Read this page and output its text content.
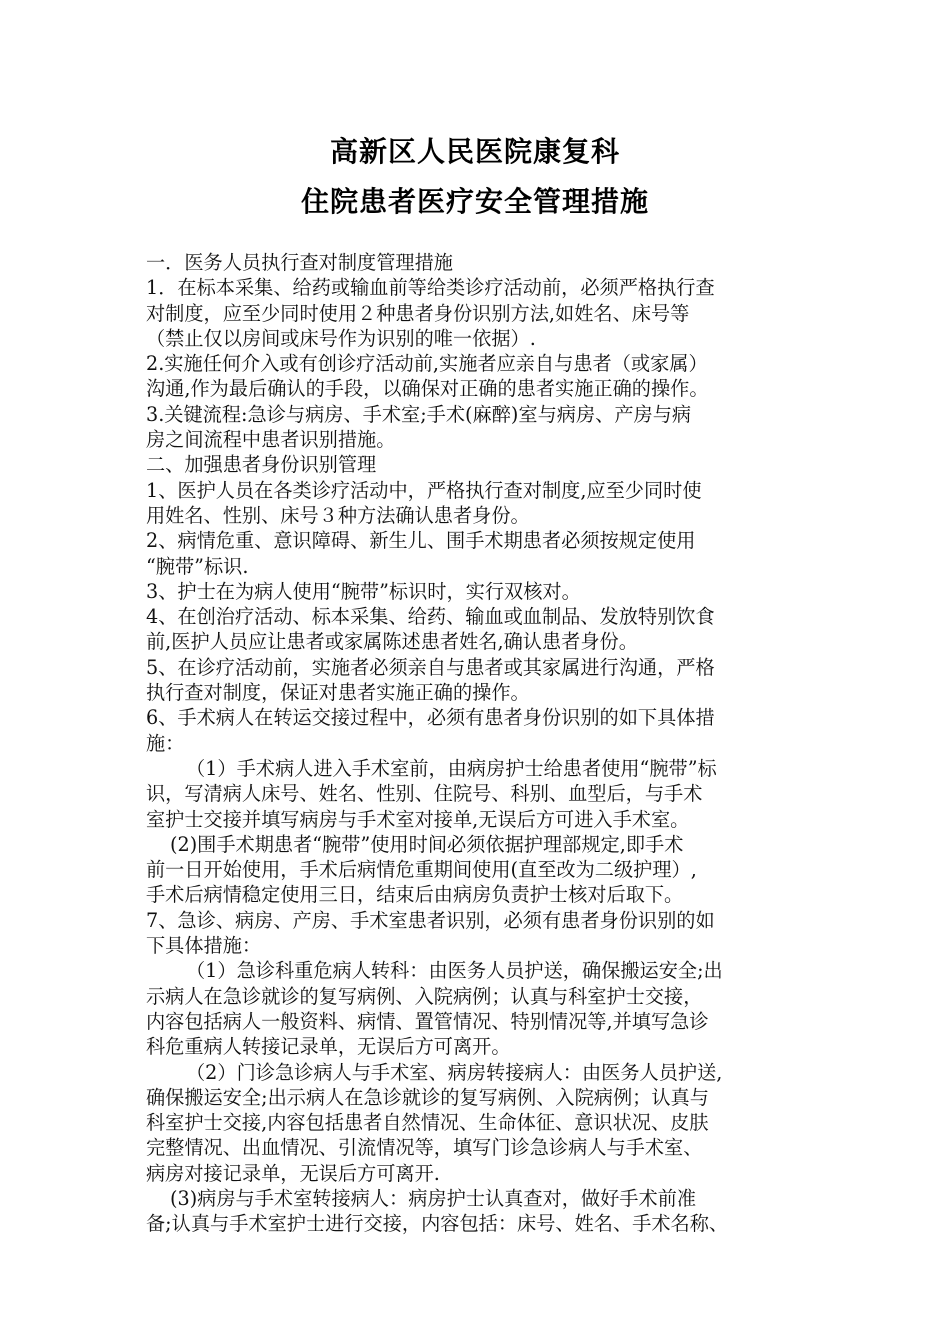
高新区人民医院康复科
住院患者医疗安全管理措施
一．医务人员执行查对制度管理措施
1．在标本采集、给药或输血前等给类诊疗活动前，必须严格执行查
对制度，应至少同时使用２种患者身份识别方法,如姓名、床号等
（禁止仅以房间或床号作为识别的唯一依据）.
2.实施任何介入或有创诊疗活动前,实施者应亲自与患者（或家属）
沟通,作为最后确认的手段，以确保对正确的患者实施正确的操作。
3.关键流程:急诊与病房、手术室;手术(麻醉)室与病房、产房与病
房之间流程中患者识别措施。
二、加强患者身份识别管理
1、医护人员在各类诊疗活动中，严格执行查对制度,应至少同时使
用姓名、性别、床号３种方法确认患者身份。
2、病情危重、意识障碍、新生儿、围手术期患者必须按规定使用
“腕带”标识.
3、护士在为病人使用“腕带”标识时，实行双核对。
4、在创治疗活动、标本采集、给药、输血或血制品、发放特别饮食
前,医护人员应让患者或家属陈述患者姓名,确认患者身份。
5、在诊疗活动前，实施者必须亲自与患者或其家属进行沟通，严格
执行查对制度，保证对患者实施正确的操作。
6、手术病人在转运交接过程中，必须有患者身份识别的如下具体措
施：
（1）手术病人进入手术室前，由病房护士给患者使用“腕带”标
识，写清病人床号、姓名、性别、住院号、科别、血型后，与手术
室护士交接并填写病房与手术室对接单,无误后方可进入手术室。
(2)围手术期患者“腕带”使用时间必须依据护理部规定,即手术
前一日开始使用，手术后病情危重期间使用(直至改为二级护理）,
手术后病情稳定使用三日，结束后由病房负责护士核对后取下。
7、急诊、病房、产房、手术室患者识别，必须有患者身份识别的如
下具体措施：
（1）急诊科重危病人转科：由医务人员护送，确保搬运安全;出
示病人在急诊就诊的复写病例、入院病例；认真与科室护士交接，
内容包括病人一般资料、病情、置管情况、特别情况等,并填写急诊
科危重病人转接记录单，无误后方可离开。
（2）门诊急诊病人与手术室、病房转接病人：由医务人员护送,
确保搬运安全;出示病人在急诊就诊的复写病例、入院病例；认真与
科室护士交接,内容包括患者自然情况、生命体征、意识状况、皮肤
完整情况、出血情况、引流情况等，填写门诊急诊病人与手术室、
病房对接记录单，无误后方可离开.
(3)病房与手术室转接病人：病房护士认真查对，做好手术前准
备;认真与手术室护士进行交接，内容包括：床号、姓名、手术名称、
